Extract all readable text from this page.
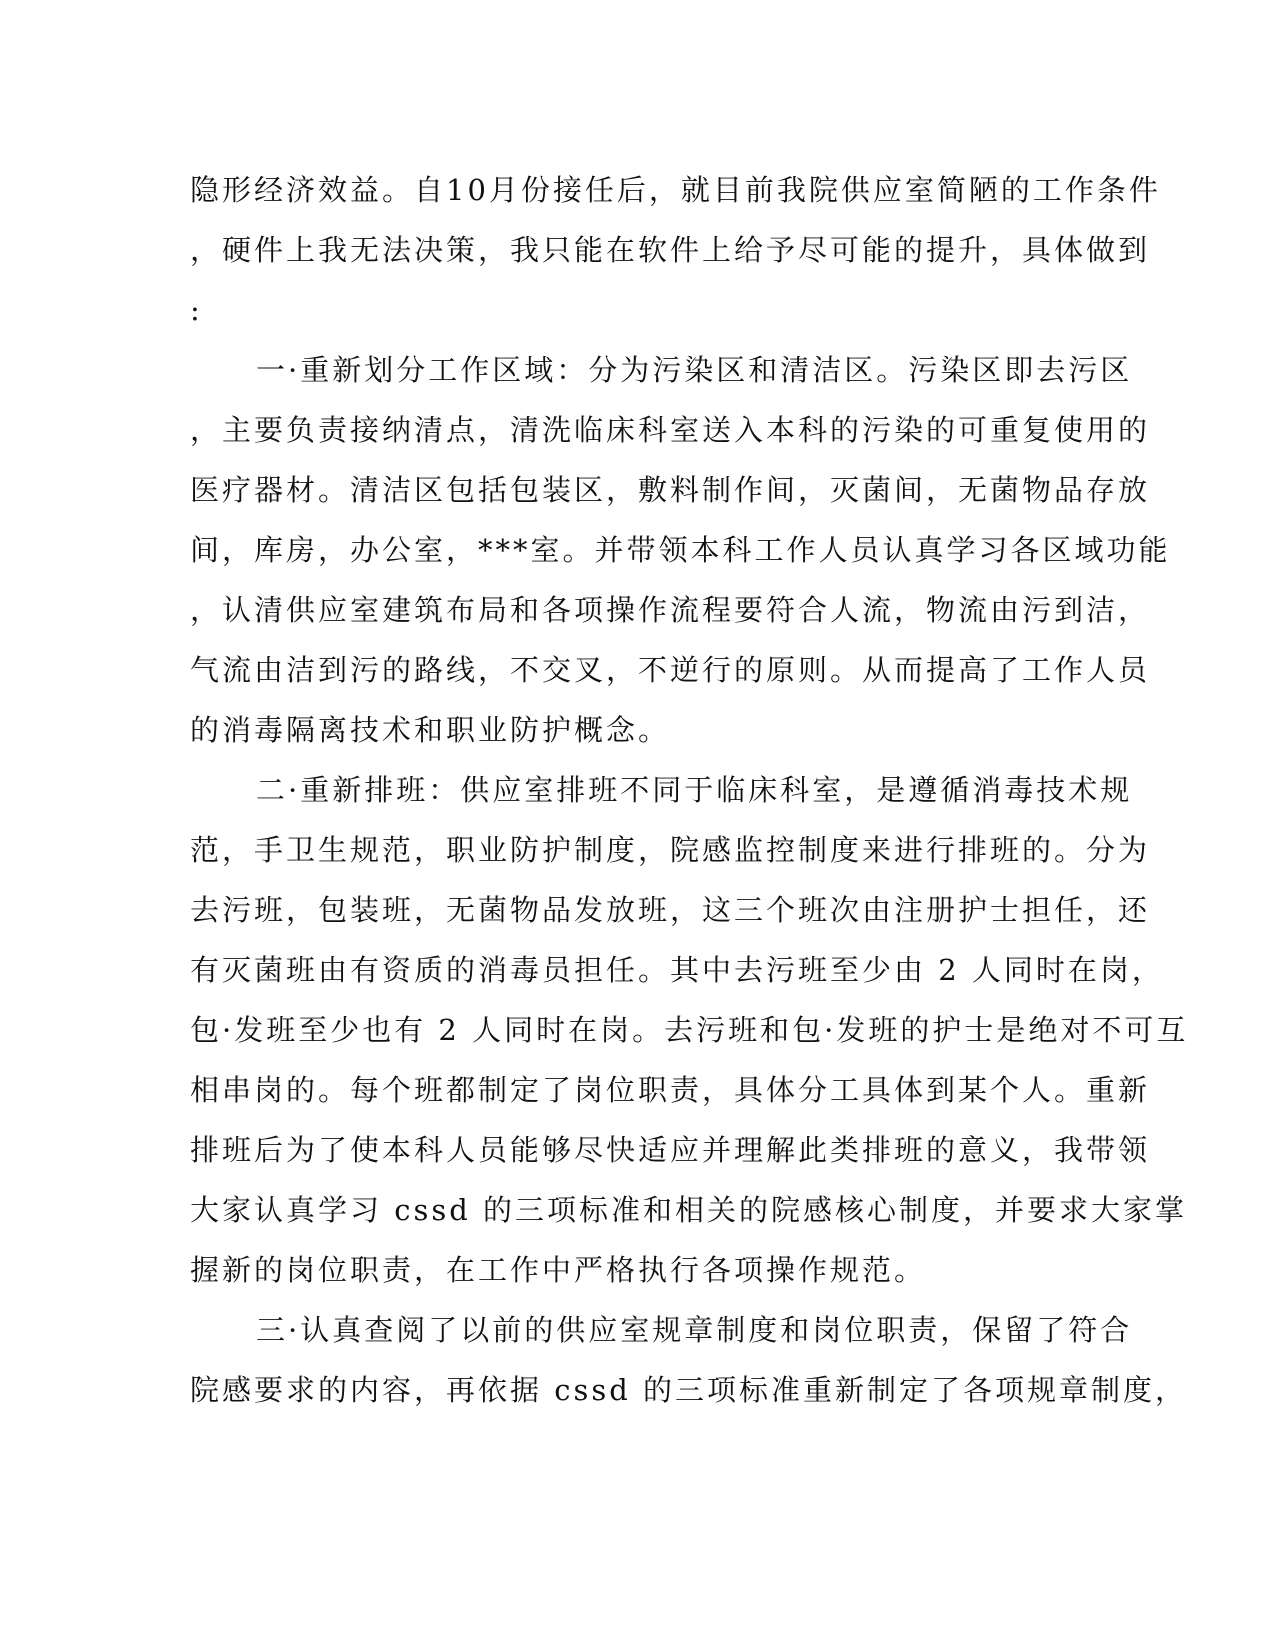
隐形经济效益。自10月份接任后，就目前我院供应室简陋的工作条件
，硬件上我无法决策，我只能在软件上给予尽可能的提升，具体做到
:
一·重新划分工作区域：分为污染区和清洁区。污染区即去污区
，主要负责接纳清点，清洗临床科室送入本科的污染的可重复使用的
医疗器材。清洁区包括包装区，敷料制作间，灭菌间，无菌物品存放
间，库房，办公室，***室。并带领本科工作人员认真学习各区域功能
，认清供应室建筑布局和各项操作流程要符合人流，物流由污到洁，
气流由洁到污的路线，不交叉，不逆行的原则。从而提高了工作人员
的消毒隔离技术和职业防护概念。
二·重新排班：供应室排班不同于临床科室，是遵循消毒技术规
范，手卫生规范，职业防护制度，院感监控制度来进行排班的。分为
去污班，包装班，无菌物品发放班，这三个班次由注册护士担任，还
有灭菌班由有资质的消毒员担任。其中去污班至少由 2 人同时在岗，
包·发班至少也有 2 人同时在岗。去污班和包·发班的护士是绝对不可互
相串岗的。每个班都制定了岗位职责，具体分工具体到某个人。重新
排班后为了使本科人员能够尽快适应并理解此类排班的意义，我带领
大家认真学习 cssd 的三项标准和相关的院感核心制度，并要求大家掌
握新的岗位职责，在工作中严格执行各项操作规范。
三·认真查阅了以前的供应室规章制度和岗位职责，保留了符合
院感要求的内容，再依据 cssd 的三项标准重新制定了各项规章制度，
